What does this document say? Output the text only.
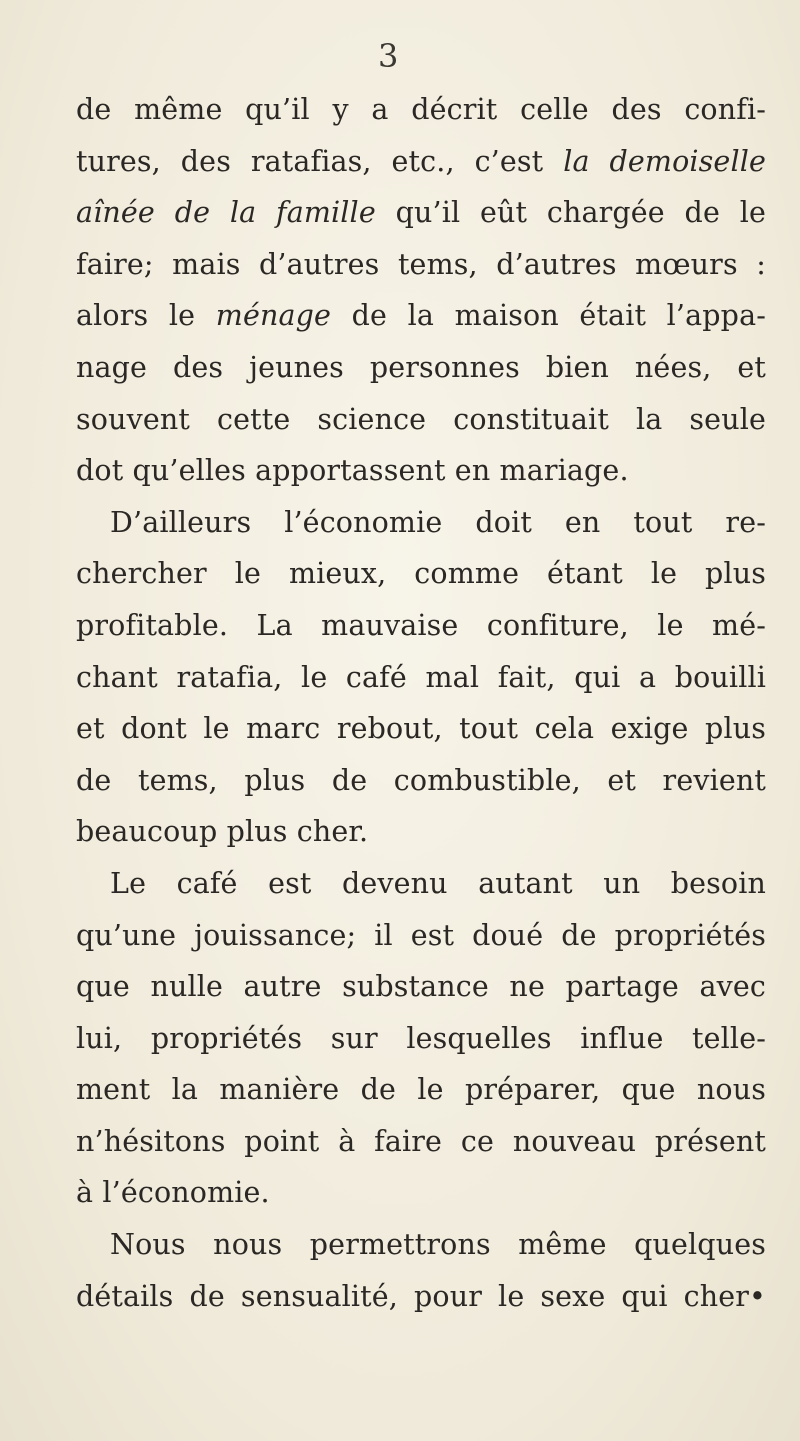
3
de même qu’il y a décrit celle des confi-
tures, des ratafias, etc., c’est la demoiselle
aînée de la famille qu’il eût chargée de le
faire; mais d’autres tems, d’autres mœurs :
alors le ménage de la maison était l’appa-
nage des jeunes personnes bien nées, et
souvent cette science constituait la seule
dot qu’elles apportassent en mariage.
D’ailleurs l’économie doit en tout re-
chercher le mieux, comme étant le plus
profitable. La mauvaise confiture, le mé-
chant ratafia, le café mal fait, qui a bouilli
et dont le marc rebout, tout cela exige plus
de tems, plus de combustible, et revient
beaucoup plus cher.
Le café est devenu autant un besoin
qu’une jouissance; il est doué de propriétés
que nulle autre substance ne partage avec
lui, propriétés sur lesquelles influe telle-
ment la manière de le préparer, que nous
n’hésitons point à faire ce nouveau présent
à l’économie.
Nous nous permettrons même quelques
détails de sensualité, pour le sexe qui cher•
